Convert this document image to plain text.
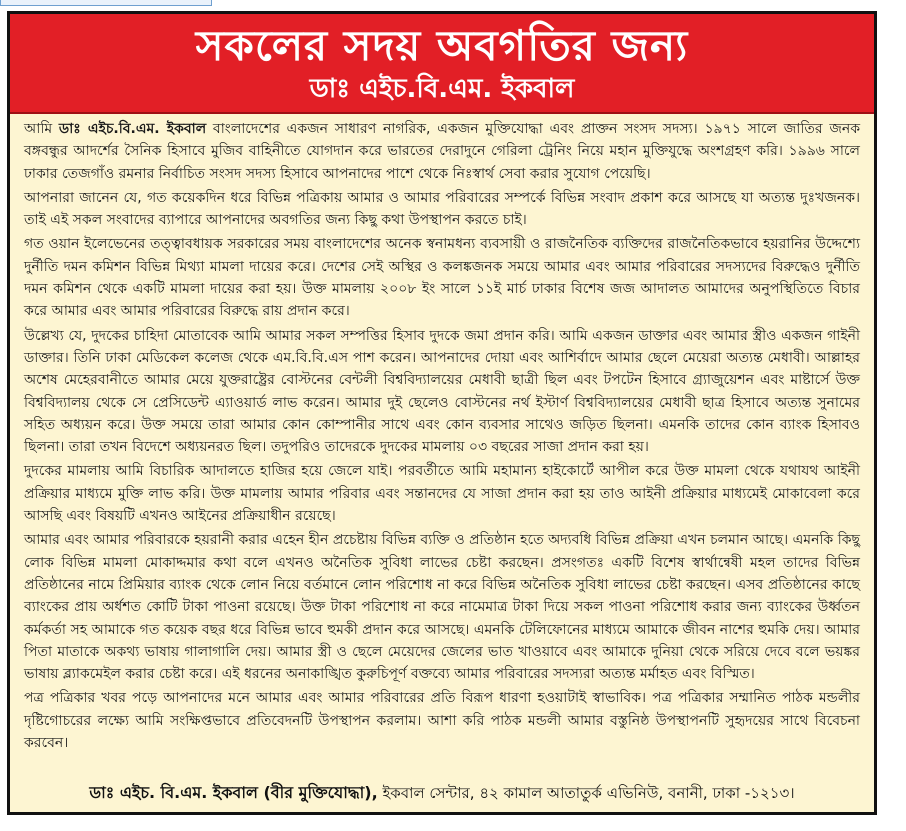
সকলের সদয় অবগতির জন্য
ডাঃ এইচ.বি.এম. ইকবাল

আমি ডাঃ এইচ.বি.এম. ইকবাল বাংলাদেশের একজন সাধারণ নাগরিক, একজন মুক্তিযোদ্ধা এবং প্রাক্তন সংসদ সদস্য। ১৯৭১ সালে জাতির জনক বঙ্গবন্ধুর আদর্শের সৈনিক হিসাবে মুজিব বাহিনীতে যোগদান করে ভারতের দেরাদুনে গেরিলা ট্রেনিং নিয়ে মহান মুক্তিযুদ্ধে অংশগ্রহণ করি। ১৯৯৬ সালে ঢাকার তেজগাঁও রমনার নির্বাচিত সংসদ সদস্য হিসাবে আপনাদের পাশে থেকে নিঃস্বার্থ সেবা করার সুযোগ পেয়েছি।

আপনারা জানেন যে, গত কয়েকদিন ধরে বিভিন্ন পত্রিকায় আমার ও আমার পরিবারের সম্পর্কে বিভিন্ন সংবাদ প্রকাশ করে আসছে যা অত্যন্ত দুঃখজনক। তাই এই সকল সংবাদের ব্যাপারে আপনাদের অবগতির জন্য কিছু কথা উপস্থাপন করতে চাই।

গত ওয়ান ইলেভেনের তত্ত্বাবধায়ক সরকারের সময় বাংলাদেশের অনেক স্বনামধন্য ব্যবসায়ী ও রাজনৈতিক ব্যক্তিদের রাজনৈতিকভাবে হয়রানির উদ্দেশ্যে দুর্নীতি দমন কমিশন বিভিন্ন মিথ্যা মামলা দায়ের করে। দেশের সেই অস্থির ও কলঙ্কজনক সময়ে আমার এবং আমার পরিবারের সদস্যদের বিরুদ্ধেও দুর্নীতি দমন কমিশন থেকে একটি মামলা দায়ের করা হয়। উক্ত মামলায় ২০০৮ ইং সালে ১১ই মার্চ ঢাকার বিশেষ জজ আদালত আমাদের অনুপস্থিতিতে বিচার করে আমার এবং আমার পরিবারের বিরুদ্ধে রায় প্রদান করে।

উল্লেখ্য যে, দুদকের চাহিদা মোতাবেক আমি আমার সকল সম্পত্তির হিসাব দুদকে জমা প্রদান করি। আমি একজন ডাক্তার এবং আমার স্ত্রীও একজন গাইনী ডাক্তার। তিনি ঢাকা মেডিকেল কলেজ থেকে এম.বি.বি.এস পাশ করেন। আপনাদের দোয়া এবং আশির্বাদে আমার ছেলে মেয়েরা অত্যন্ত মেধাবী। আল্লাহর অশেষ মেহেরবানীতে আমার মেয়ে যুক্তরাষ্ট্রের বোস্টনের বেন্টলী বিশ্ববিদ্যালয়ের মেধাবী ছাত্রী ছিল এবং টপটেন হিসাবে গ্র্যাজুয়েশন এবং মাষ্টার্সে উক্ত বিশ্ববিদ্যালয় থেকে সে প্রেসিডেন্ট এ্যাওয়ার্ড লাভ করেন। আমার দুই ছেলেও বোস্টনের নর্থ ইস্টার্ণ বিশ্ববিদ্যালয়ের মেধাবী ছাত্র হিসাবে অত্যন্ত সুনামের সহিত অধ্যয়ন করে। উক্ত সময়ে তারা আমার কোন কোম্পানীর সাথে এবং কোন ব্যবসার সাথেও জড়িত ছিলনা। এমনকি তাদের কোন ব্যাংক হিসাবও ছিলনা। তারা তখন বিদেশে অধ্যয়নরত ছিল। তদুপরিও তাদেরকে দুদকের মামলায় ০৩ বছরের সাজা প্রদান করা হয়।

দুদকের মামলায় আমি বিচারিক আদালতে হাজির হয়ে জেলে যাই। পরবর্তীতে আমি মহামান্য হাইকোর্টে আপীল করে উক্ত মামলা থেকে যথাযথ আইনী প্রক্রিয়ার মাধ্যমে মুক্তি লাভ করি। উক্ত মামলায় আমার পরিবার এবং সন্তানদের যে সাজা প্রদান করা হয় তাও আইনী প্রক্রিয়ার মাধ্যমেই মোকাবেলা করে আসছি এবং বিষয়টি এখনও আইনের প্রক্রিয়াধীন রয়েছে।

আমার এবং আমার পরিবারকে হয়রানী করার এহেন হীন প্রচেষ্টায় বিভিন্ন ব্যক্তি ও প্রতিষ্ঠান হতে অদ্যবধি বিভিন্ন প্রক্রিয়া এখন চলমান আছে। এমনকি কিছু লোক বিভিন্ন মামলা মোকাদ্দমার কথা বলে এখনও অনৈতিক সুবিধা লাভের চেষ্টা করছেন। প্রসংগতঃ একটি বিশেষ স্বার্থান্বেষী মহল তাদের বিভিন্ন প্রতিষ্ঠানের নামে প্রিমিয়ার ব্যাংক থেকে লোন নিয়ে বর্তমানে লোন পরিশোধ না করে বিভিন্ন অনৈতিক সুবিধা লাভের চেষ্টা করছেন। এসব প্রতিষ্ঠানের কাছে ব্যাংকের প্রায় অর্ধশত কোটি টাকা পাওনা রয়েছে। উক্ত টাকা পরিশোধ না করে নামেমাত্র টাকা দিয়ে সকল পাওনা পরিশোধ করার জন্য ব্যাংকের উর্ধ্বতন কর্মকর্তা সহ আমাকে গত কয়েক বছর ধরে বিভিন্ন ভাবে হুমকী প্রদান করে আসছে। এমনকি টেলিফোনের মাধ্যমে আমাকে জীবন নাশের হুমকি দেয়। আমার পিতা মাতাকে অকথ্য ভাষায় গালাগালি দেয়। আমার স্ত্রী ও ছেলে মেয়েদের জেলের ভাত খাওয়াবে এবং আমাকে দুনিয়া থেকে সরিয়ে দেবে বলে ভয়ঙ্কর ভাষায় ব্ল্যাকমেইল করার চেষ্টা করে। এই ধরনের অনাকাঙ্খিত কুরুচিপূর্ণ বক্তব্যে আমার পরিবারের সদস্যরা অত্যন্ত মর্মাহত এবং বিস্মিত।

পত্র পত্রিকার খবর পড়ে আপনাদের মনে আমার এবং আমার পরিবারের প্রতি বিরূপ ধারণা হওয়াটাই স্বাভাবিক। পত্র পত্রিকার সম্মানিত পাঠক মন্ডলীর দৃষ্টিগোচরের লক্ষ্যে আমি সংক্ষিপ্তভাবে প্রতিবেদনটি উপস্থাপন করলাম। আশা করি পাঠক মন্ডলী আমার বস্তুনিষ্ঠ উপস্থাপনটি সুহৃদয়ের সাথে বিবেচনা করবেন।

ডাঃ এইচ. বি.এম. ইকবাল (বীর মুক্তিযোদ্ধা), ইকবাল সেন্টার, ৪২ কামাল আতাতুর্ক এভিনিউ, বনানী, ঢাকা -১২১৩।
